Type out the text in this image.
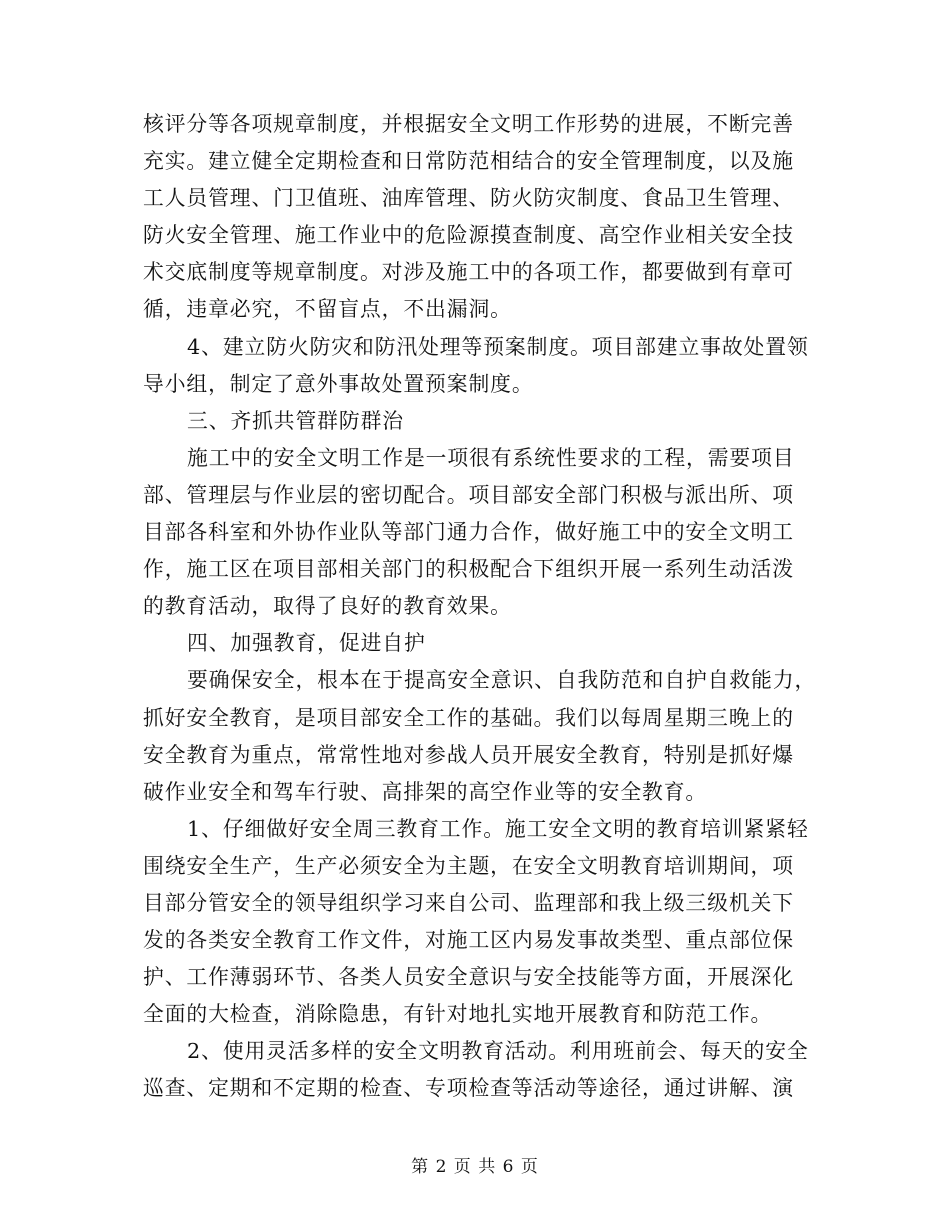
核评分等各项规章制度，并根据安全文明工作形势的进展，不断完善
充实。建立健全定期检查和日常防范相结合的安全管理制度，以及施
工人员管理、门卫值班、油库管理、防火防灾制度、食品卫生管理、
防火安全管理、施工作业中的危险源摸查制度、高空作业相关安全技
术交底制度等规章制度。对涉及施工中的各项工作，都要做到有章可
循，违章必究，不留盲点，不出漏洞。
4、建立防火防灾和防汛处理等预案制度。项目部建立事故处置领
导小组，制定了意外事故处置预案制度。
三、齐抓共管群防群治
施工中的安全文明工作是一项很有系统性要求的工程，需要项目
部、管理层与作业层的密切配合。项目部安全部门积极与派出所、项
目部各科室和外协作业队等部门通力合作，做好施工中的安全文明工
作，施工区在项目部相关部门的积极配合下组织开展一系列生动活泼
的教育活动，取得了良好的教育效果。
四、加强教育，促进自护
要确保安全，根本在于提高安全意识、自我防范和自护自救能力，
抓好安全教育，是项目部安全工作的基础。我们以每周星期三晚上的
安全教育为重点，常常性地对参战人员开展安全教育，特别是抓好爆
破作业安全和驾车行驶、高排架的高空作业等的安全教育。
1、仔细做好安全周三教育工作。施工安全文明的教育培训紧紧轻
围绕安全生产，生产必须安全为主题，在安全文明教育培训期间，项
目部分管安全的领导组织学习来自公司、监理部和我上级三级机关下
发的各类安全教育工作文件，对施工区内易发事故类型、重点部位保
护、工作薄弱环节、各类人员安全意识与安全技能等方面，开展深化
全面的大检查，消除隐患，有针对地扎实地开展教育和防范工作。
2、使用灵活多样的安全文明教育活动。利用班前会、每天的安全
巡查、定期和不定期的检查、专项检查等活动等途径，通过讲解、演
第 2 页 共 6 页
